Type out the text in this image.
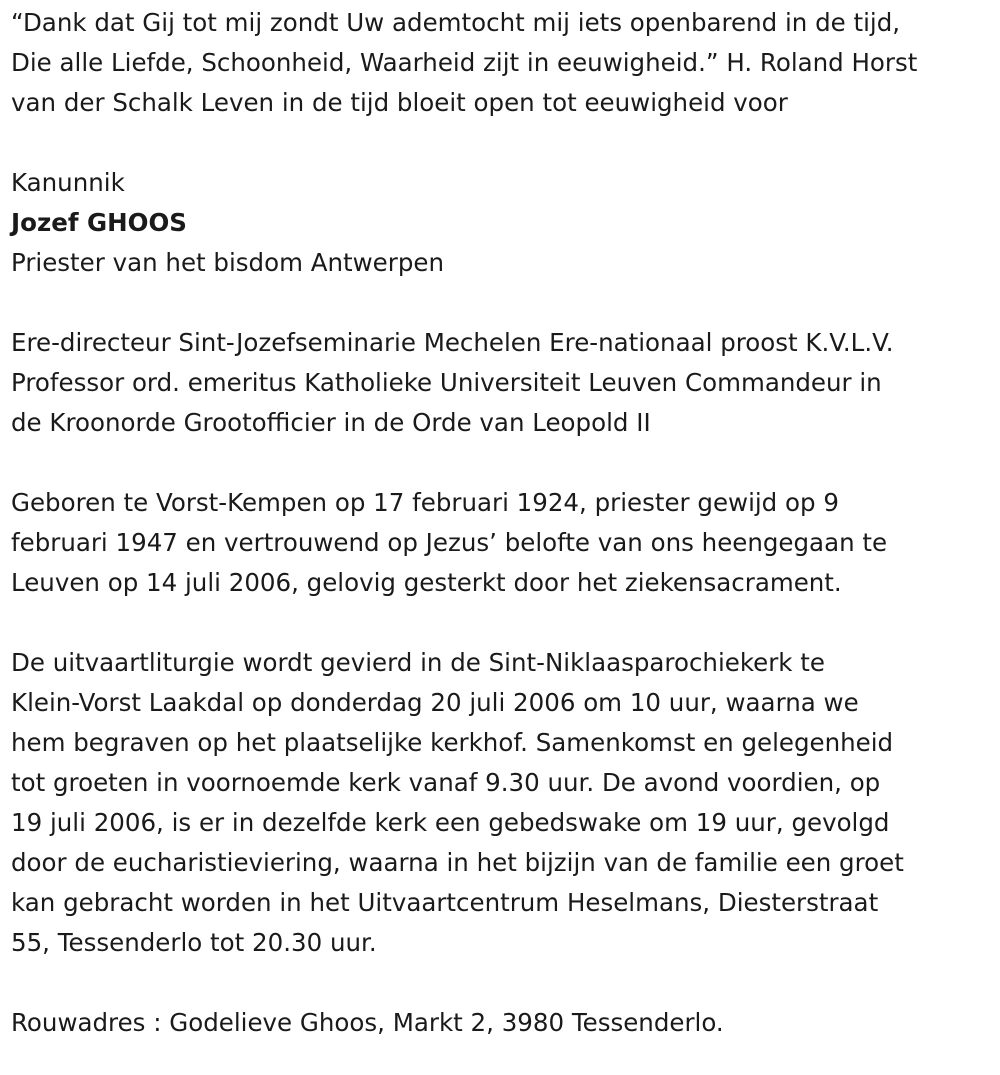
“Dank dat Gij tot mij zondt Uw ademtocht mij iets openbarend in de tijd,
Die alle Liefde, Schoonheid, Waarheid zijt in eeuwigheid.” H. Roland Horst
van der Schalk Leven in de tijd bloeit open tot eeuwigheid voor
Kanunnik
Jozef GHOOS
Priester van het bisdom Antwerpen
Ere-directeur Sint-Jozefseminarie Mechelen Ere-nationaal proost K.V.L.V.
Professor ord. emeritus Katholieke Universiteit Leuven Commandeur in
de Kroonorde Grootofficier in de Orde van Leopold II
Geboren te Vorst-Kempen op 17 februari 1924, priester gewijd op 9
februari 1947 en vertrouwend op Jezus’ belofte van ons heengegaan te
Leuven op 14 juli 2006, gelovig gesterkt door het ziekensacrament.
De uitvaartliturgie wordt gevierd in de Sint-Niklaasparochiekerk te
Klein-Vorst Laakdal op donderdag 20 juli 2006 om 10 uur, waarna we
hem begraven op het plaatselijke kerkhof. Samenkomst en gelegenheid
tot groeten in voornoemde kerk vanaf 9.30 uur. De avond voordien, op
19 juli 2006, is er in dezelfde kerk een gebedswake om 19 uur, gevolgd
door de eucharistieviering, waarna in het bijzijn van de familie een groet
kan gebracht worden in het Uitvaartcentrum Heselmans, Diesterstraat
55, Tessenderlo tot 20.30 uur.
Rouwadres : Godelieve Ghoos, Markt 2, 3980 Tessenderlo.
